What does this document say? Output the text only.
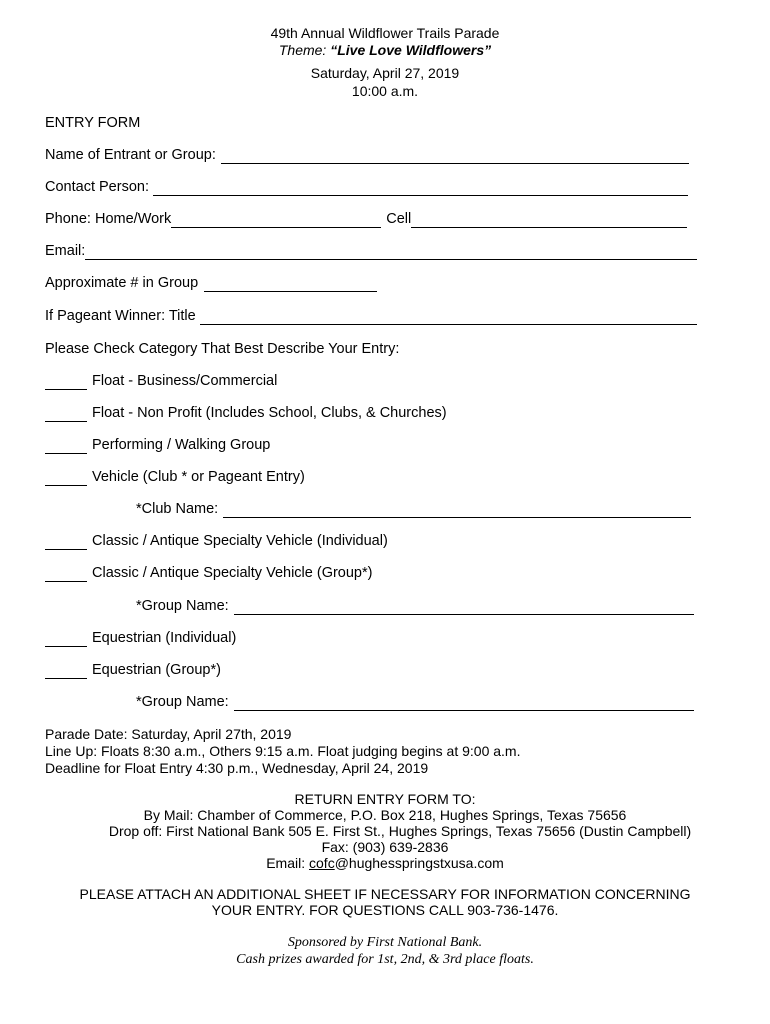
49th Annual Wildflower Trails Parade
Theme: “Live Love Wildflowers”
Saturday, April 27, 2019
10:00 a.m.
ENTRY FORM
Name of Entrant or Group:
Contact Person:
Phone: Home/Work	Cell
Email:
Approximate # in Group
If Pageant Winner: Title
Please Check Category That Best Describe Your Entry:
Float - Business/Commercial
Float - Non Profit (Includes School, Clubs, & Churches)
Performing / Walking Group
Vehicle (Club * or Pageant Entry)
*Club Name:
Classic / Antique Specialty Vehicle (Individual)
Classic / Antique Specialty Vehicle (Group*)
*Group Name:
Equestrian (Individual)
Equestrian (Group*)
*Group Name:
Parade Date: Saturday, April 27th, 2019
Line Up: Floats 8:30 a.m., Others 9:15 a.m. Float judging begins at 9:00 a.m.
Deadline for Float Entry 4:30 p.m., Wednesday, April 24, 2019
RETURN ENTRY FORM TO:
By Mail: Chamber of Commerce, P.O. Box 218, Hughes Springs, Texas 75656
Drop off: First National Bank 505 E. First St., Hughes Springs, Texas 75656 (Dustin Campbell)
Fax: (903) 639-2836
Email: cofc@hughesspringstxusa.com
PLEASE ATTACH AN ADDITIONAL SHEET IF NECESSARY FOR INFORMATION CONCERNING
YOUR ENTRY. FOR QUESTIONS CALL 903-736-1476.
Sponsored by First National Bank.
Cash prizes awarded for 1st, 2nd, & 3rd place floats.
